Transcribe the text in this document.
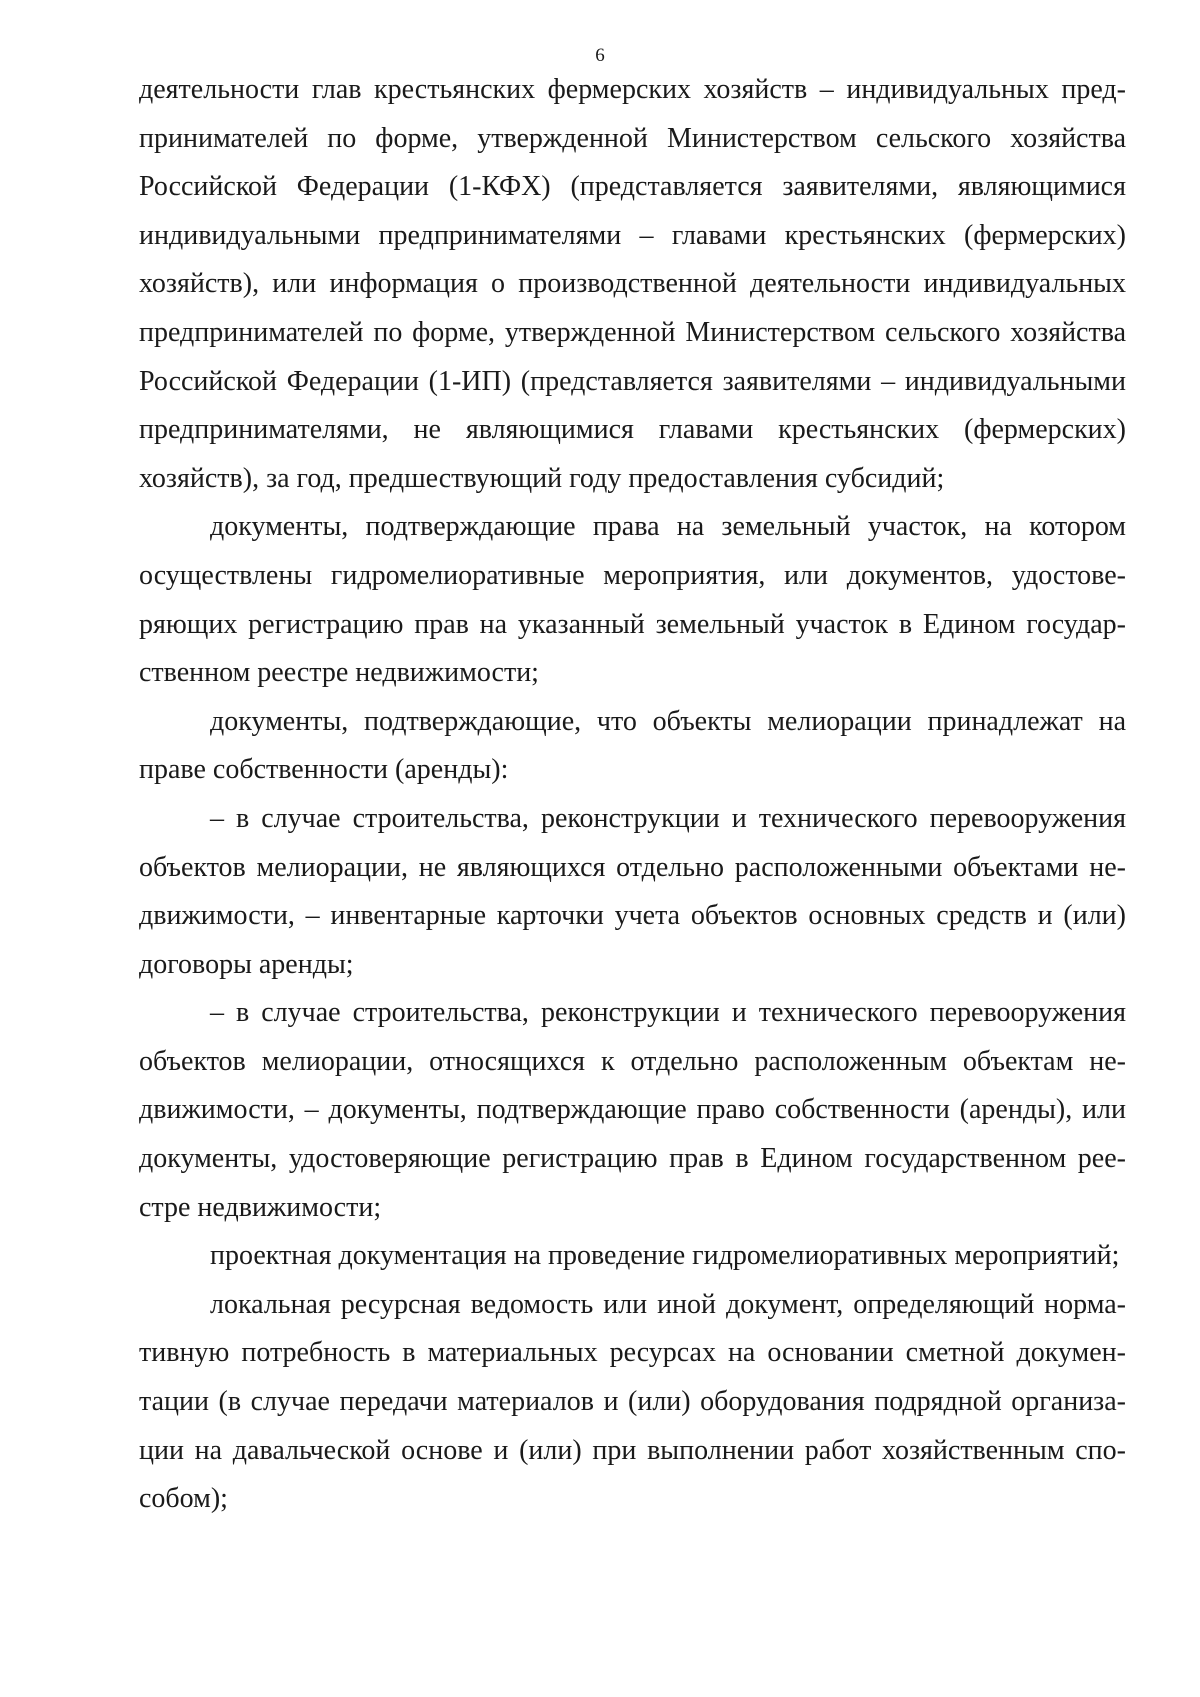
6

деятельности глав крестьянских фермерских хозяйств – индивидуальных предпринимателей по форме, утвержденной Министерством сельского хозяйства Российской Федерации (1-КФХ) (представляется заявителями, являющимися индивидуальными предпринимателями – главами крестьянских (фермерских) хозяйств), или информация о производственной деятельности индивидуальных предпринимателей по форме, утвержденной Министерством сельского хозяйства Российской Федерации (1-ИП) (представляется заявителями – индивидуальными предпринимателями, не являющимися главами крестьянских (фермерских) хозяйств), за год, предшествующий году предоставления субсидий;

документы, подтверждающие права на земельный участок, на котором осуществлены гидромелиоративные мероприятия, или документов, удостоверяющих регистрацию прав на указанный земельный участок в Едином государственном реестре недвижимости;

документы, подтверждающие, что объекты мелиорации принадлежат на праве собственности (аренды):

– в случае строительства, реконструкции и технического перевооружения объектов мелиорации, не являющихся отдельно расположенными объектами недвижимости, – инвентарные карточки учета объектов основных средств и (или) договоры аренды;

– в случае строительства, реконструкции и технического перевооружения объектов мелиорации, относящихся к отдельно расположенным объектам недвижимости, – документы, подтверждающие право собственности (аренды), или документы, удостоверяющие регистрацию прав в Едином государственном реестре недвижимости;

проектная документация на проведение гидромелиоративных мероприятий;

локальная ресурсная ведомость или иной документ, определяющий нормативную потребность в материальных ресурсах на основании сметной документации (в случае передачи материалов и (или) оборудования подрядной организации на давальческой основе и (или) при выполнении работ хозяйственным способом);
